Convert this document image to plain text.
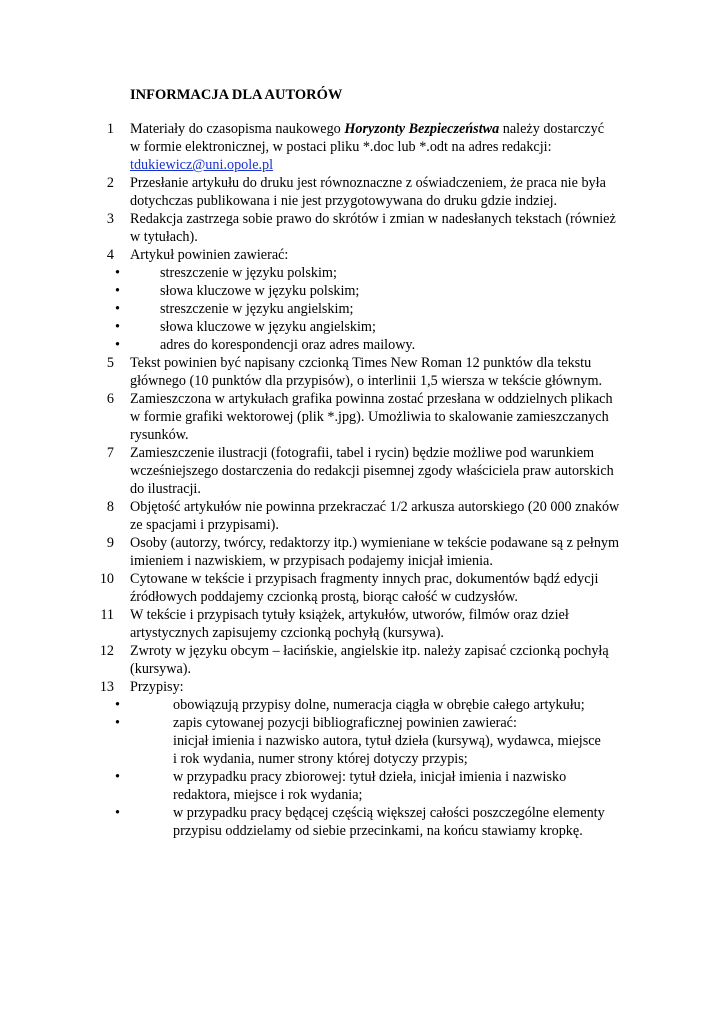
INFORMACJA DLA AUTORÓW
1 Materiały do czasopisma naukowego Horyzonty Bezpieczeństwa należy dostarczyć
w formie elektronicznej, w postaci pliku *.doc lub *.odt na adres redakcji:
tdukiewicz@uni.opole.pl
2 Przesłanie artykułu do druku jest równoznaczne z oświadczeniem, że praca nie była
dotychczas publikowana i nie jest przygotowywana do druku gdzie indziej.
3 Redakcja zastrzega sobie prawo do skrótów i zmian w nadesłanych tekstach (również
w tytułach).
4 Artykuł powinien zawierać:
•	streszczenie w języku polskim;
•	słowa kluczowe w języku polskim;
•	streszczenie w języku angielskim;
•	słowa kluczowe w języku angielskim;
•	adres do korespondencji oraz adres mailowy.
5 Tekst powinien być napisany czcionką Times New Roman 12 punktów dla tekstu
głównego (10 punktów dla przypisów), o interlinii 1,5 wiersza w tekście głównym.
6 Zamieszczona w artykułach grafika powinna zostać przesłana w oddzielnych plikach
w formie grafiki wektorowej (plik *.jpg). Umożliwia to skalowanie zamieszczanych
rysunków.
7 Zamieszczenie ilustracji (fotografii, tabel i rycin) będzie możliwe pod warunkiem
wcześniejszego dostarczenia do redakcji pisemnej zgody właściciela praw autorskich
do ilustracji.
8 Objętość artykułów nie powinna przekraczać 1/2 arkusza autorskiego (20 000 znaków
ze spacjami i przypisami).
9 Osoby (autorzy, twórcy, redaktorzy itp.) wymieniane w tekście podawane są z pełnym
imieniem i nazwiskiem, w przypisach podajemy inicjał imienia.
10 Cytowane w tekście i przypisach fragmenty innych prac, dokumentów bądź edycji
źródłowych poddajemy czcionką prostą, biorąc całość w cudzysłów.
11 W tekście i przypisach tytuły książek, artykułów, utworów, filmów oraz dzieł
artystycznych zapisujemy czcionką pochyłą (kursywa).
12 Zwroty w języku obcym – łacińskie, angielskie itp. należy zapisać czcionką pochyłą
(kursywa).
13 Przypisy:
•	obowiązują przypisy dolne, numeracja ciągła w obrębie całego artykułu;
•	zapis cytowanej pozycji bibliograficznej powinien zawierać:
inicjał imienia i nazwisko autora, tytuł dzieła (kursywą), wydawca, miejsce
i rok wydania, numer strony której dotyczy przypis;
•	w przypadku pracy zbiorowej: tytuł dzieła, inicjał imienia i nazwisko
redaktora, miejsce i rok wydania;
•	w przypadku pracy będącej częścią większej całości poszczególne elementy
przypisu oddzielamy od siebie przecinkami, na końcu stawiamy kropkę.
